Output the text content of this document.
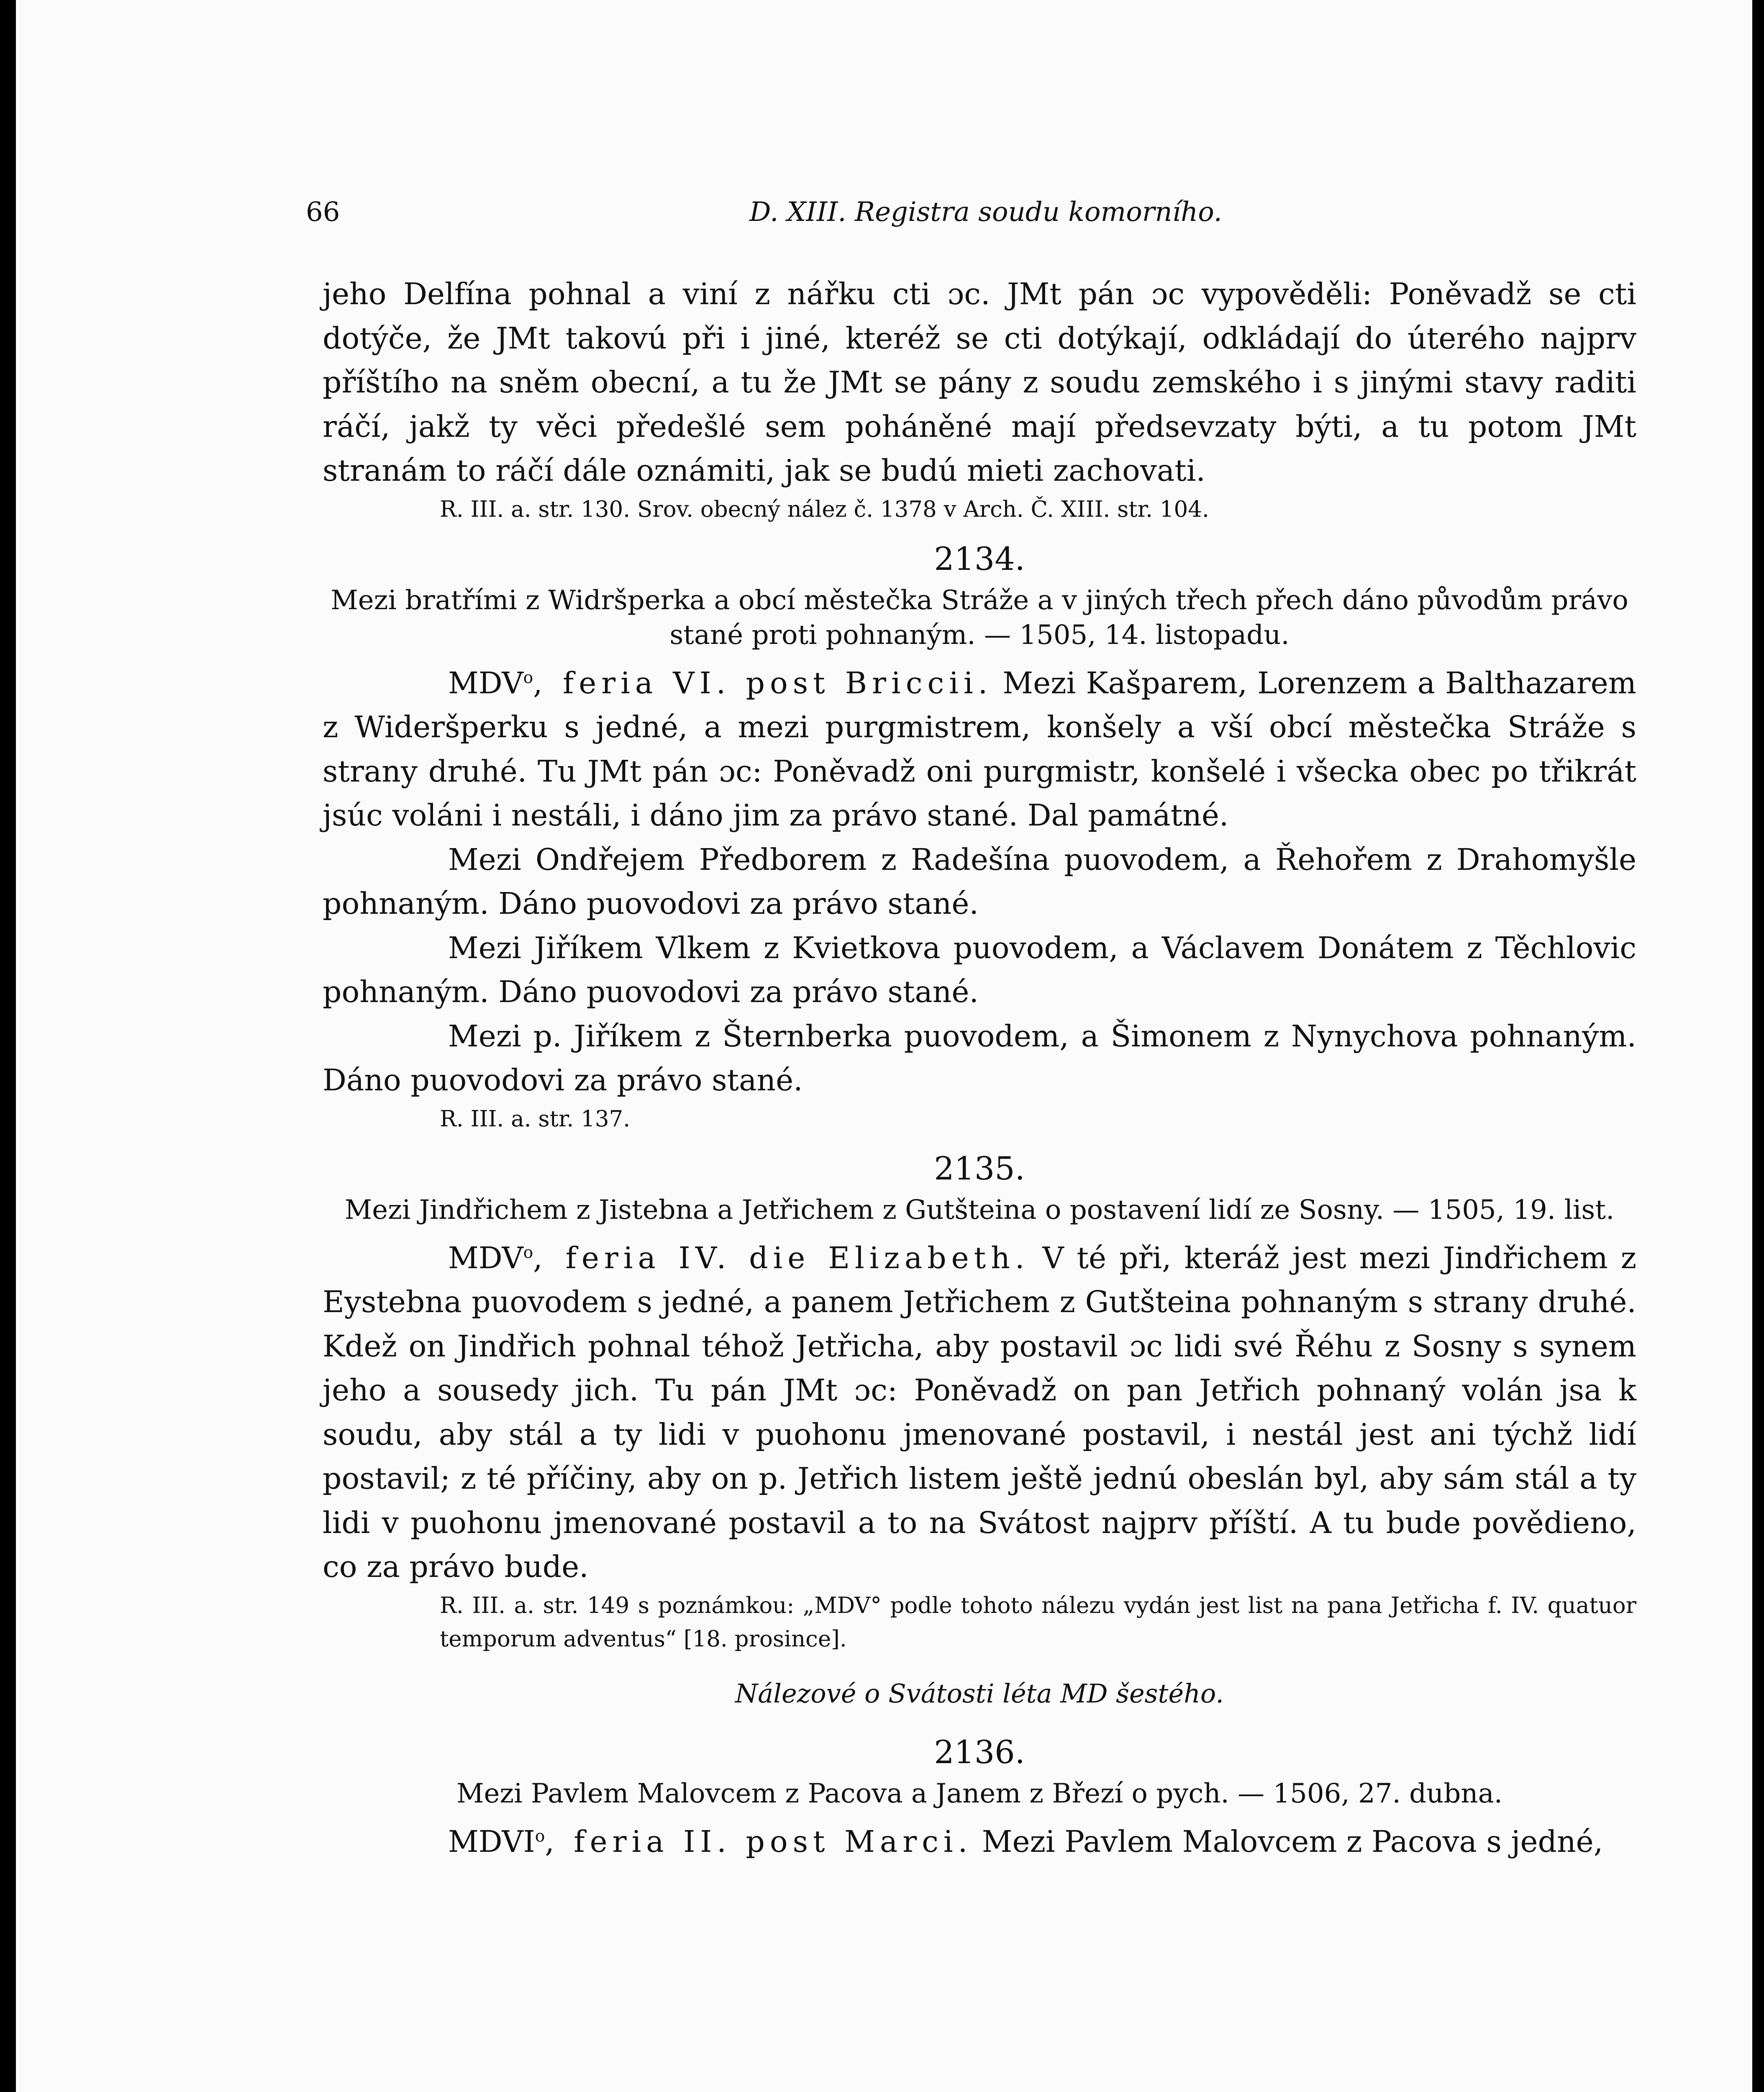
66	D. XIII. Registra soudu komorního.

jeho Delfína pohnal a viní z nářku cti ɔc. JMt pán ɔc vypověděli: Poněvadž se cti dotýče, že JMt takovú při i jiné, kteréž se cti dotýkají, odkládají do úterého najprv příštího na sněm obecní, a tu že JMt se pány z soudu zemského i s jinými stavy raditi ráčí, jakž ty věci předešlé sem poháněné mají předsevzaty býti, a tu potom JMt stranám to ráčí dále oznámiti, jak se budú mieti zachovati.

R. III. a. str. 130. Srov. obecný nález č. 1378 v Arch. Č. XIII. str. 104.

2134.
Mezi bratřími z Widršperka a obcí městečka Stráže a v jiných třech přech dáno původům právo stané proti pohnaným. — 1505, 14. listopadu.

MDV$^o$, feria VI. post Briccii. Mezi Kašparem, Lorenzem a Balthazarem z Wideršperku s jedné, a mezi purgmistrem, konšely a vší obcí městečka Stráže s strany druhé. Tu JMt pán ɔc: Poněvadž oni purgmistr, konšelé i všecka obec po třikrát jsúc voláni i nestáli, i dáno jim za právo stané. Dal památné.

Mezi Ondřejem Předborem z Radešína puovodem, a Řehořem z Drahomyšle pohnaným. Dáno puovodovi za právo stané.

Mezi Jiříkem Vlkem z Kvietkova puovodem, a Václavem Donátem z Těchlovic pohnaným. Dáno puovodovi za právo stané.

Mezi p. Jiříkem z Šternberka puovodem, a Šimonem z Nynychova pohnaným. Dáno puovodovi za právo stané.

R. III. a. str. 137.

2135.
Mezi Jindřichem z Jistebna a Jetřichem z Gutšteina o postavení lidí ze Sosny. — 1505, 19. list.

MDV$^o$, feria IV. die Elizabeth. V té při, kteráž jest mezi Jindřichem z Eystebna puovodem s jedné, a panem Jetřichem z Gutšteina pohnaným s strany druhé. Kdež on Jindřich pohnal téhož Jetřicha, aby postavil ɔc lidi své Řéhu z Sosny s synem jeho a sousedy jich. Tu pán JMt ɔc: Poněvadž on pan Jetřich pohnaný volán jsa k soudu, aby stál a ty lidi v puohonu jmenované postavil, i nestál jest ani týchž lidí postavil; z té příčiny, aby on p. Jetřich listem ještě jednú obeslán byl, aby sám stál a ty lidi v puohonu jmenované postavil a to na Svátost najprv příští. A tu bude povědieno, co za právo bude.

R. III. a. str. 149 s poznámkou: „MDV° podle tohoto nálezu vydán jest list na pana Jetřicha f. IV. quatuor temporum adventus“ [18. prosince].

Nálezové o Svátosti léta MD šestého.
2136.
Mezi Pavlem Malovcem z Pacova a Janem z Březí o pych. — 1506, 27. dubna.

MDVI$^o$, feria II. post Marci. Mezi Pavlem Malovcem z Pacova s jedné,
